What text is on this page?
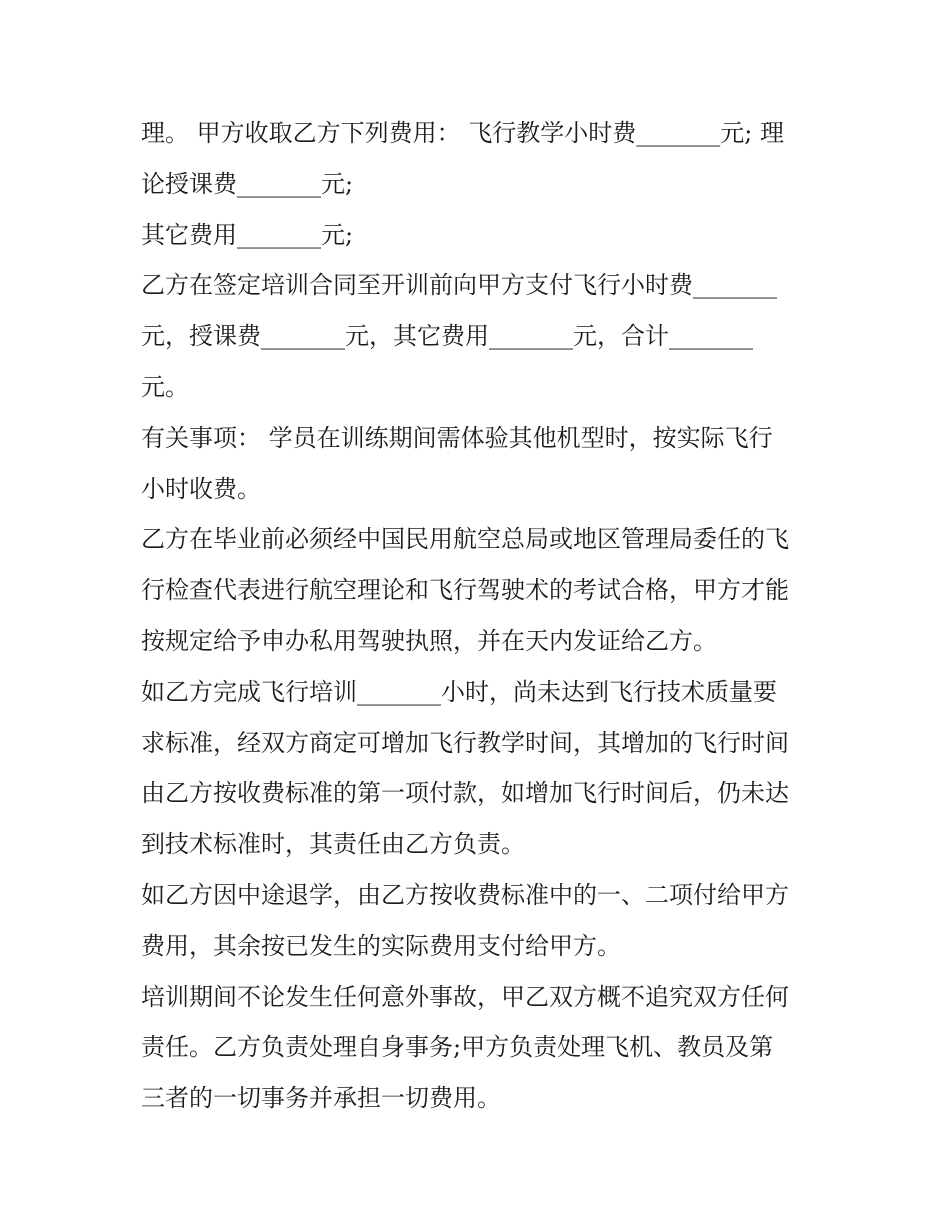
理。 甲方收取乙方下列费用： 飞行教学小时费_______元; 理
论授课费_______元;
其它费用_______元;
乙方在签定培训合同至开训前向甲方支付飞行小时费_______
元，授课费_______元，其它费用_______元，合计_______
元。
有关事项： 学员在训练期间需体验其他机型时，按实际飞行
小时收费。
乙方在毕业前必须经中国民用航空总局或地区管理局委任的飞
行检查代表进行航空理论和飞行驾驶术的考试合格，甲方才能
按规定给予申办私用驾驶执照，并在天内发证给乙方。
如乙方完成飞行培训_______小时，尚未达到飞行技术质量要
求标准，经双方商定可增加飞行教学时间，其增加的飞行时间
由乙方按收费标准的第一项付款，如增加飞行时间后，仍未达
到技术标准时，其责任由乙方负责。
如乙方因中途退学，由乙方按收费标准中的一、二项付给甲方
费用，其余按已发生的实际费用支付给甲方。
培训期间不论发生任何意外事故，甲乙双方概不追究双方任何
责任。乙方负责处理自身事务;甲方负责处理飞机、教员及第
三者的一切事务并承担一切费用。
